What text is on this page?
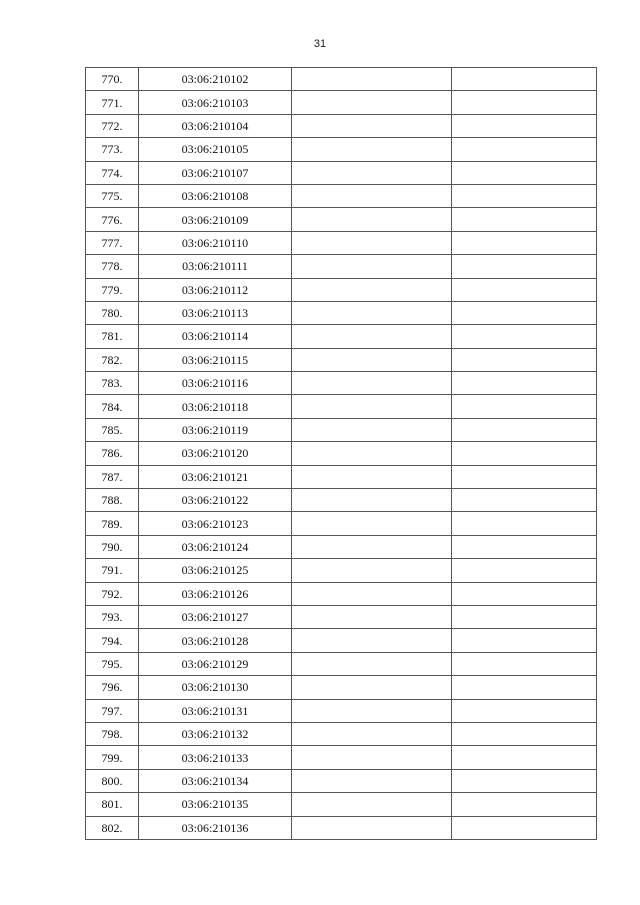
31
770.	03:06:210102		
771.	03:06:210103		
772.	03:06:210104		
773.	03:06:210105		
774.	03:06:210107		
775.	03:06:210108		
776.	03:06:210109		
777.	03:06:210110		
778.	03:06:210111		
779.	03:06:210112		
780.	03:06:210113		
781.	03:06:210114		
782.	03:06:210115		
783.	03:06:210116		
784.	03:06:210118		
785.	03:06:210119		
786.	03:06:210120		
787.	03:06:210121		
788.	03:06:210122		
789.	03:06:210123		
790.	03:06:210124		
791.	03:06:210125		
792.	03:06:210126		
793.	03:06:210127		
794.	03:06:210128		
795.	03:06:210129		
796.	03:06:210130		
797.	03:06:210131		
798.	03:06:210132		
799.	03:06:210133		
800.	03:06:210134		
801.	03:06:210135		
802.	03:06:210136		
